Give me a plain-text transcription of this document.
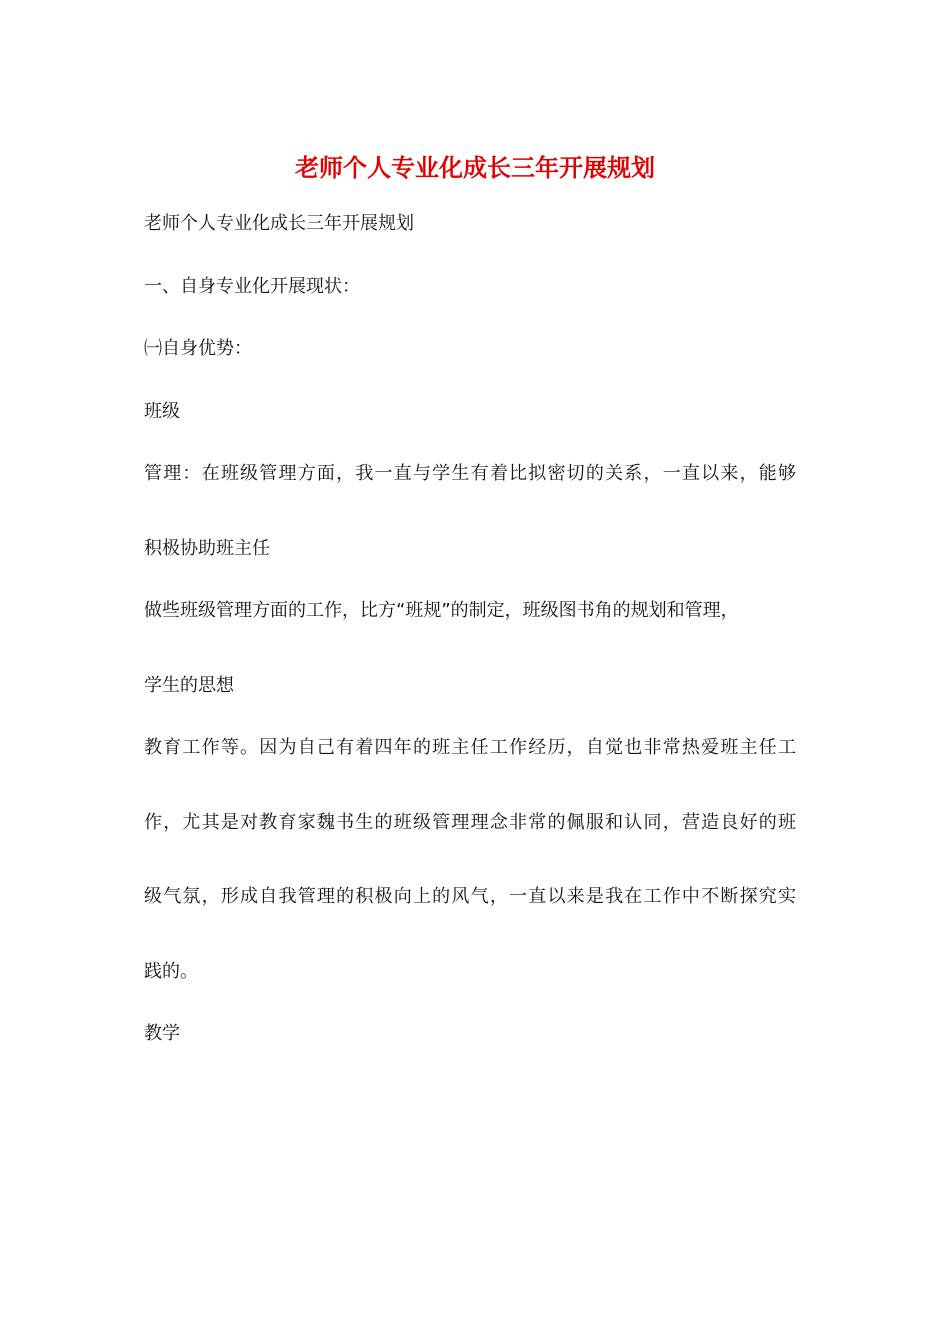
老师个人专业化成长三年开展规划

老师个人专业化成长三年开展规划

一、自身专业化开展现状：

㈠自身优势：

班级

管理：在班级管理方面，我一直与学生有着比拟密切的关系，一直以来，能够

积极协助班主任

做些班级管理方面的工作，比方“班规”的制定，班级图书角的规划和管理，

学生的思想

教育工作等。因为自己有着四年的班主任工作经历，自觉也非常热爱班主任工

作，尤其是对教育家魏书生的班级管理理念非常的佩服和认同，营造良好的班

级气氛，形成自我管理的积极向上的风气，一直以来是我在工作中不断探究实

践的。

教学
